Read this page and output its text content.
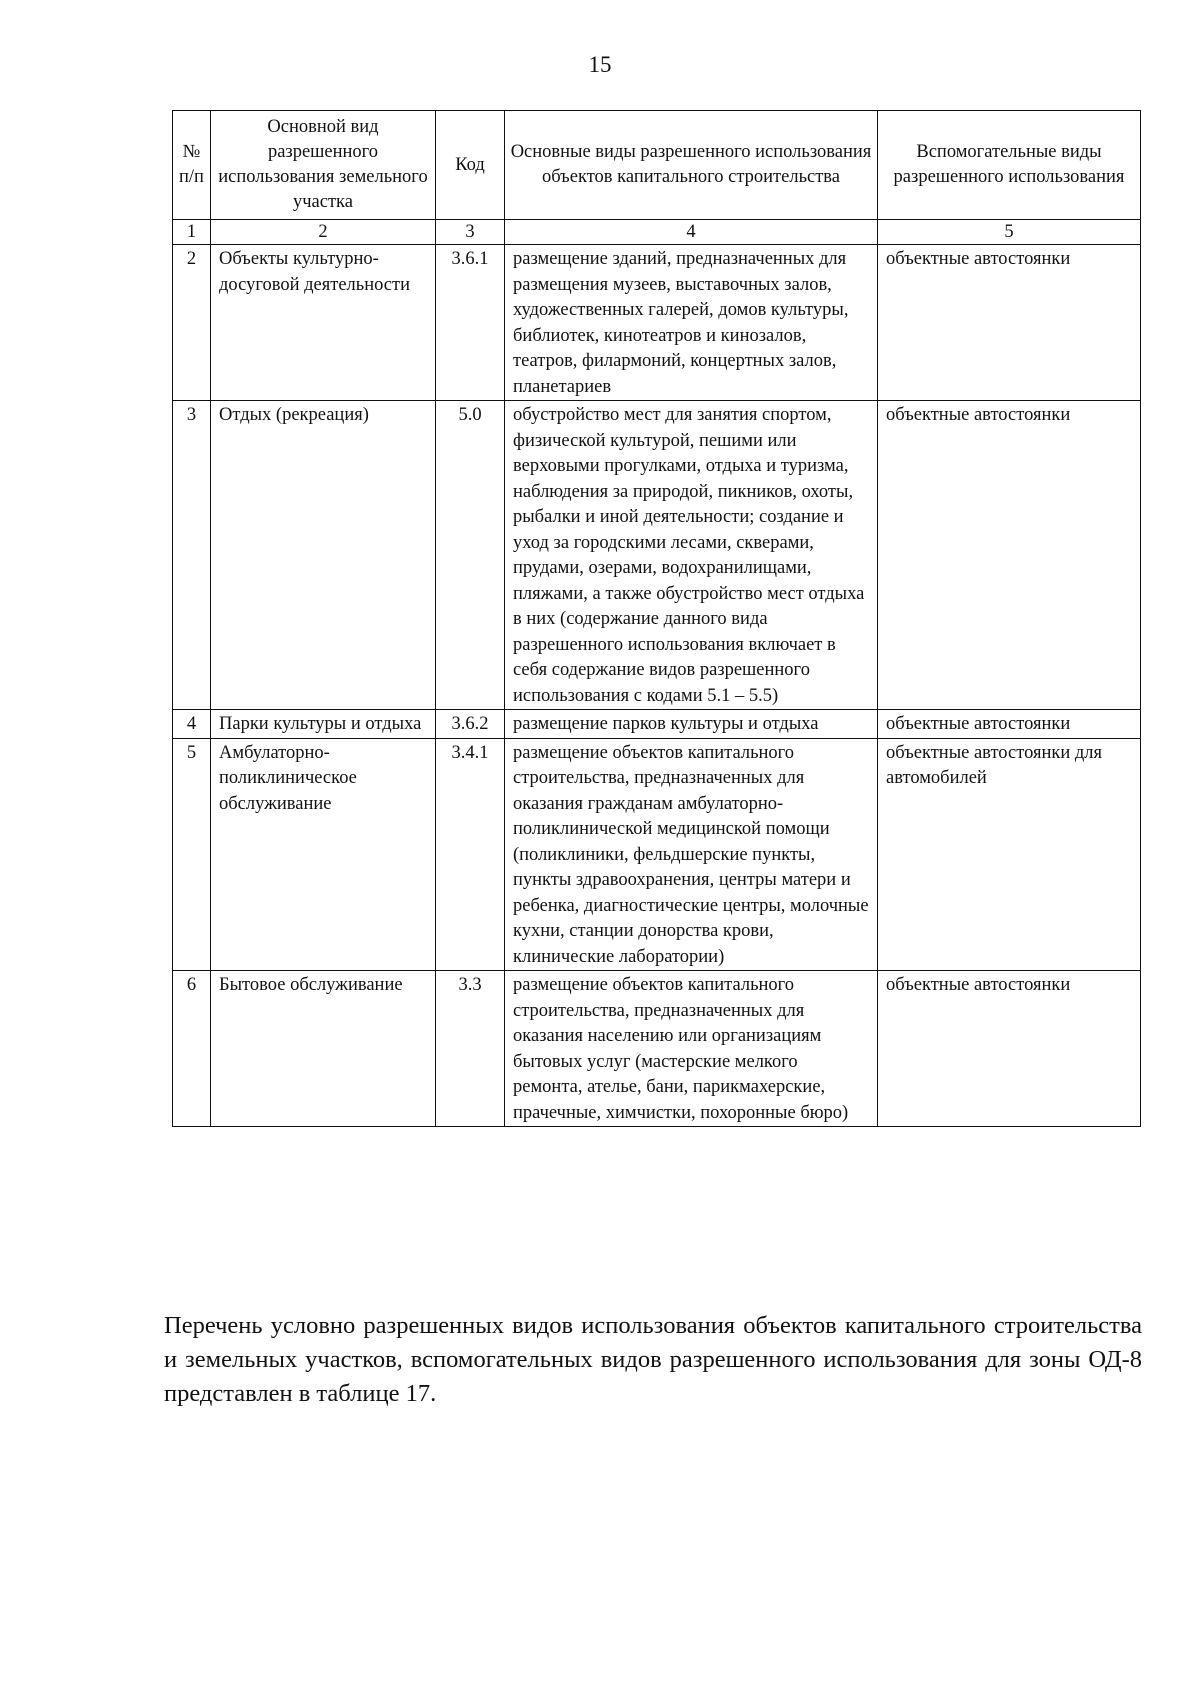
15
№ п/п	Основной вид разрешенного использования земельного участка	Код	Основные виды разрешенного использования объектов капитального строительства	Вспомогательные виды разрешенного использования
1	2	3	4	5
2	Объекты культурно-досуговой деятельности	3.6.1	размещение зданий, предназначенных для размещения музеев, выставочных залов, художественных галерей, домов культуры, библиотек, кинотеатров и кинозалов, театров, филармоний, концертных залов, планетариев	объектные автостоянки
3	Отдых (рекреация)	5.0	обустройство мест для занятия спортом, физической культурой, пешими или верховыми прогулками, отдыха и туризма, наблюдения за природой, пикников, охоты, рыбалки и иной деятельности; создание и уход за городскими лесами, скверами, прудами, озерами, водохранилищами, пляжами, а также обустройство мест отдыха в них (содержание данного вида разрешенного использования включает в себя содержание видов разрешенного использования с кодами 5.1 – 5.5)	объектные автостоянки
4	Парки культуры и отдыха	3.6.2	размещение парков культуры и отдыха	объектные автостоянки
5	Амбулаторно-поликлиническое обслуживание	3.4.1	размещение объектов капитального строительства, предназначенных для оказания гражданам амбулаторно-поликлинической медицинской помощи (поликлиники, фельдшерские пункты, пункты здравоохранения, центры матери и ребенка, диагностические центры, молочные кухни, станции донорства крови, клинические лаборатории)	объектные автостоянки для автомобилей
6	Бытовое обслуживание	3.3	размещение объектов капитального строительства, предназначенных для оказания населению или организациям бытовых услуг (мастерские мелкого ремонта, ателье, бани, парикмахерские, прачечные, химчистки, похоронные бюро)	объектные автостоянки

Перечень условно разрешенных видов использования объектов капитального строительства и земельных участков, вспомогательных видов разрешенного использования для зоны ОД-8 представлен в таблице 17.
